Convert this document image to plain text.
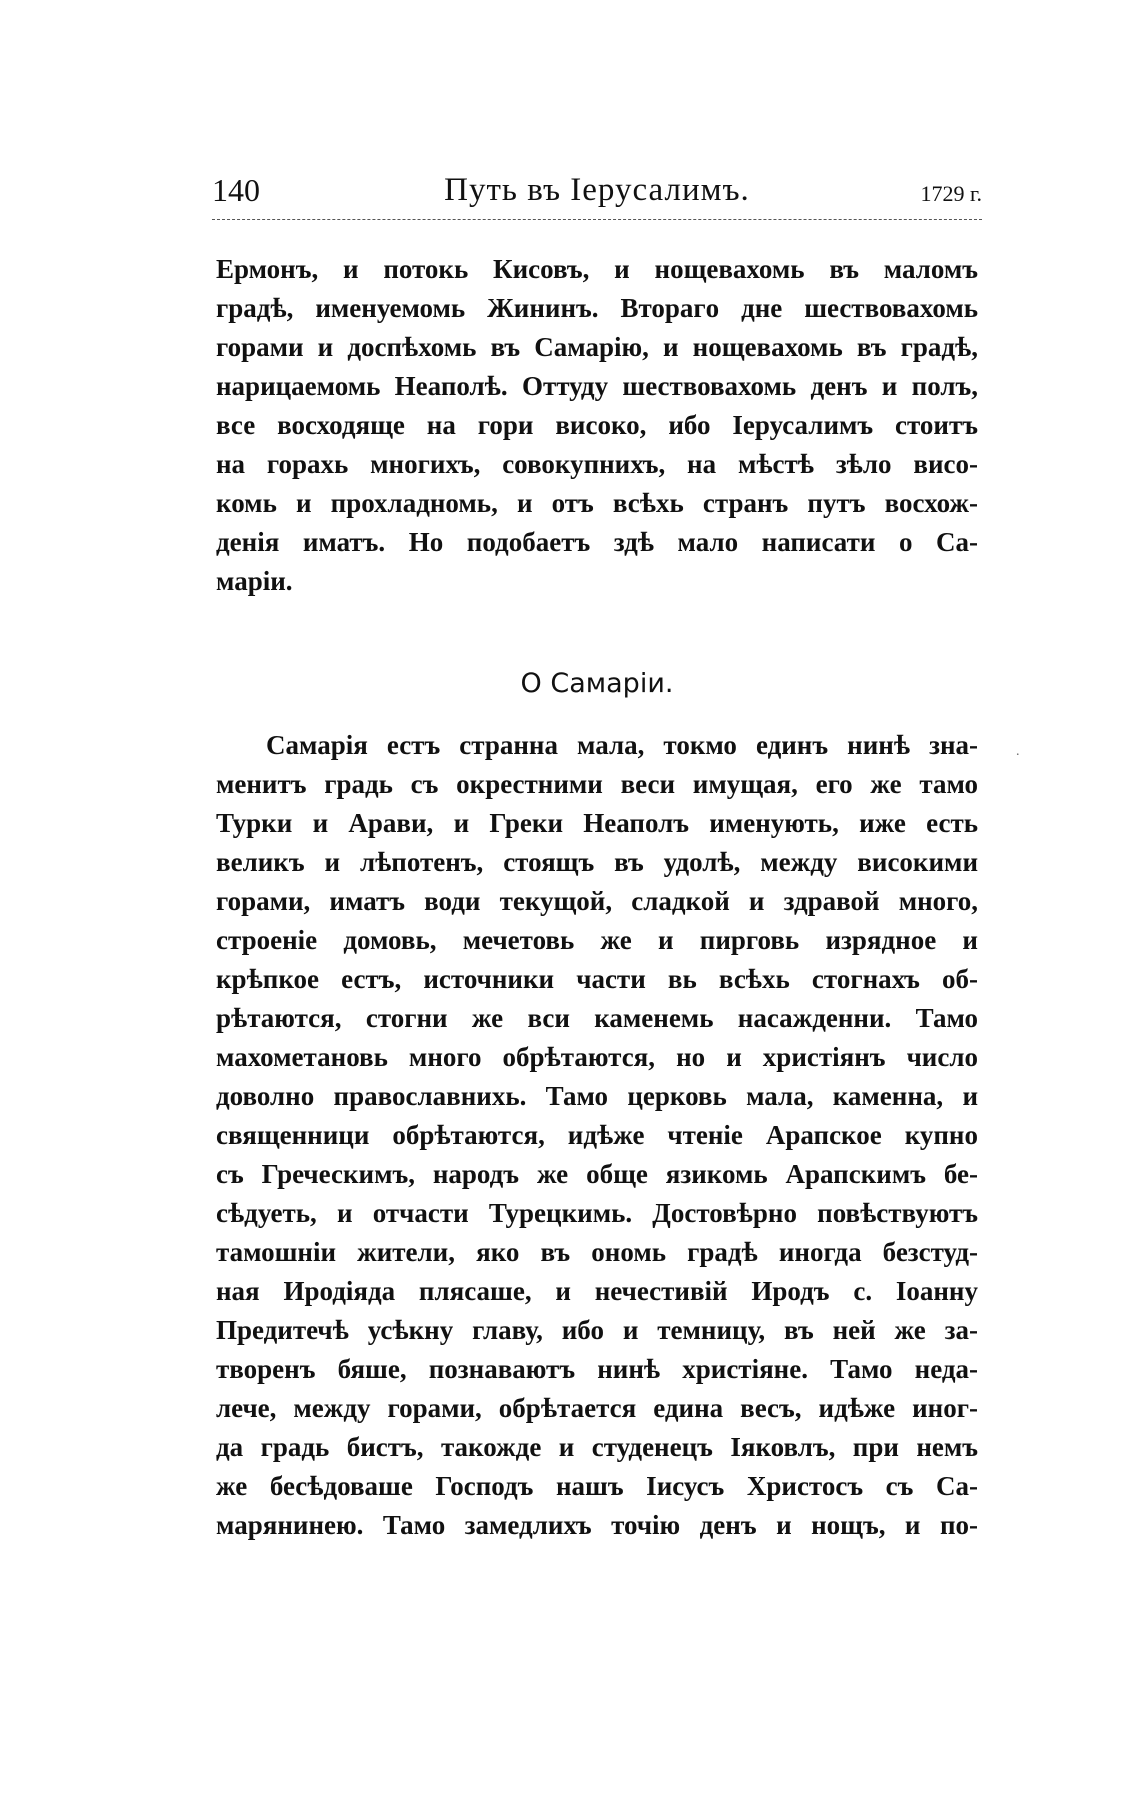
140	Путь въ Іерусалимъ.	1729 г.
Ермонъ, и потокь Кисовъ, и нощевахомь въ маломъ
градѣ, именуемомь Жининъ. Вторагo дне шествовахомь
горами и доспѣхомь въ Самарію, и нощевахомь въ градѣ,
нарицаемомь Неаполѣ. Оттуду шествовахомь денъ и полъ,
все восходяще на гори високо, ибо Іерусалимъ стоитъ
на горахь многихъ, совокупнихъ, на мѣстѣ зѣло висо-
комь и прохладномь, и отъ всѣхь странъ путъ восхож-
денія иматъ. Но подобаетъ здѣ мало написати о Са-
маріи.
О Самаріи.
Самарія естъ странна мала, токмо единъ нинѣ зна-
менитъ градь съ окрестними веси имущая, его же тамо
Турки и Арави, и Греки Неаполъ именують, иже есть
великъ и лѣпотенъ, стоящъ въ удолѣ, между високими
горами, иматъ води текущой, сладкой и здравой много,
строеніе домовь, мечетовь же и пирговь изрядное и
крѣпкое естъ, источники части вь всѣхь стогнахъ об-
рѣтаются, стогни же вси каменемь насажденни. Тамо
махометановь много обрѣтаются, но и христіянъ число
доволно православнихь. Тамо церковь мала, каменна, и
священници обрѣтаются, идѣже чтеніе Арапское купно
съ Греческимъ, народъ же обще язикомь Арапскимъ бе-
сѣдуеть, и отчасти Турецкимь. Достовѣрно повѣствуютъ
тамошніи жители, яко въ ономь градѣ иногда безстуд-
ная Иродіяда плясаше, и нечестивій Иродъ с. Іоанну
Предитечѣ усѣкну главу, ибо и темницу, въ ней же за-
творенъ бяше, познаваютъ нинѣ христіяне. Тамо неда-
лече, между горами, обрѣтается едина весъ, идѣже иног-
да градь бистъ, такожде и студенецъ Іяковлъ, при немъ
же бесѣдоваше Господъ нашъ Іисусъ Христосъ съ Са-
марянинею. Тамо замедлихъ точію денъ и нощъ, и по-
.
